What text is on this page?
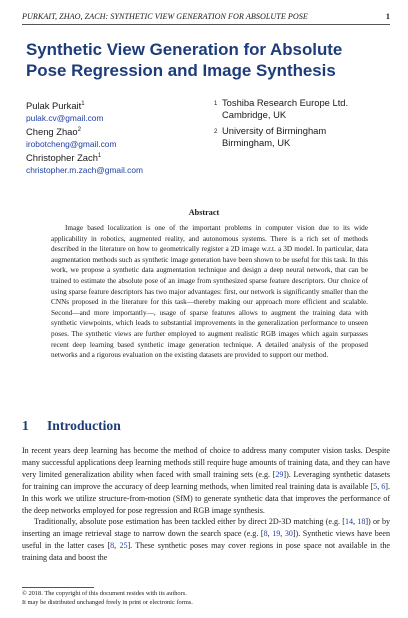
PURKAIT, ZHAO, ZACH: SYNTHETIC VIEW GENERATION FOR ABSOLUTE POSE	1
Synthetic View Generation for Absolute Pose Regression and Image Synthesis
Pulak Purkait$^1$
pulak.cv@gmail.com
Cheng Zhao$^2$
irobotcheng@gmail.com
Christopher Zach$^1$
christopher.m.zach@gmail.com
1 Toshiba Research Europe Ltd.
Cambridge, UK
2 University of Birmingham
Birmingham, UK
Abstract

Image based localization is one of the important problems in computer vision due to its wide applicability in robotics, augmented reality, and autonomous systems. There is a rich set of methods described in the literature on how to geometrically register a 2D image w.r.t. a 3D model. In particular, data augmentation methods such as synthetic image generation have been shown to be useful for this task. In this work, we propose a synthetic data augmentation technique and design a deep neural network, that can be trained to estimate the absolute pose of an image from synthesized sparse feature descriptors. Our choice of using sparse feature descriptors has two major advantages: first, our network is significantly smaller than the CNNs proposed in the literature for this task—thereby making our approach more efficient and scalable. Second—and more importantly—, usage of sparse features allows to augment the training data with synthetic viewpoints, which leads to substantial improvements in the generalization performance to unseen poses. The synthetic views are further employed to augment realistic RGB images which again surpasses recent deep learning based synthetic image generation technique. A detailed analysis of the proposed networks and a rigorous evaluation on the existing datasets are provided to support our method.

1 Introduction

In recent years deep learning has become the method of choice to address many computer vision tasks. Despite many successful applications deep learning methods still require huge amounts of training data, and they can have very limited generalization ability when faced with small training sets (e.g. [29]). Leveraging synthetic datasets for training can improve the accuracy of deep learning methods, when limited real training data is available [5, 6]. In this work we utilize structure-from-motion (SfM) to generate synthetic data that improves the performance of the deep networks employed for pose regression and RGB image synthesis.

Traditionally, absolute pose estimation has been tackled either by direct 2D-3D matching (e.g. [14, 18]) or by inserting an image retrieval stage to narrow down the search space (e.g. [8, 19, 30]). Synthetic views have been useful in the latter cases [8, 25]. These synthetic poses may cover regions in pose space not available in the training data and boost the

© 2018. The copyright of this document resides with its authors.
It may be distributed unchanged freely in print or electronic forms.
